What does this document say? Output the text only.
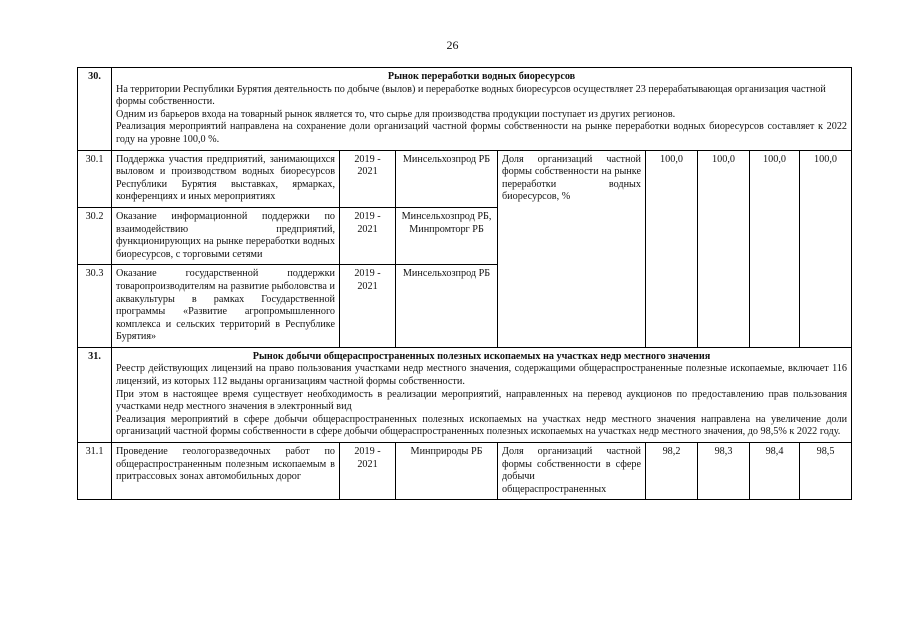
26
30.	Рынок переработки водных биоресурсов
На территории Республики Бурятия деятельность по добыче (вылов) и переработке водных биоресурсов осуществляет 23 перерабатывающая организация частной формы собственности.
Одним из барьеров входа на товарный рынок является то, что сырье для производства продукции поступает из других регионов.
Реализация мероприятий направлена на сохранение доли организаций частной формы собственности на рынке переработки водных биоресурсов составляет к 2022 году на уровне 100,0 %.							

30.1	Поддержка участия предприятий, занимающихся выловом и производством водных биоресурсов Республики Бурятия выставках, ярмарках, конференциях и иных мероприятиях	2019 - 2021	Минсельхозпрод РБ	Доля организаций частной формы собственности на рынке переработки водных биоресурсов, %	100,0	100,0	100,0	100,0
30.2	Оказание информационной поддержки по взаимодействию предприятий, функционирующих на рынке переработки водных биоресурсов, с торговыми сетями	2019 - 2021	Минсельхозпрод РБ, Минпромторг РБ					
30.3	Оказание государственной поддержки товаропроизводителям на развитие рыболовства и аквакультуры в рамках Государственной программы «Развитие агропромышленного комплекса и сельских территорий в Республике Бурятия»	2019 - 2021	Минсельхозпрод РБ					
31.	Рынок добычи общераспространенных полезных ископаемых на участках недр местного значения
Реестр действующих лицензий на право пользования участками недр местного значения, содержащими общераспространенные полезные ископаемые, включает 116 лицензий, из которых 112 выданы организациям частной формы собственности.
При этом в настоящее время существует необходимость в реализации мероприятий, направленных на перевод аукционов по предоставлению прав пользования участками недр местного значения в электронный вид
Реализация мероприятий в сфере добычи общераспространенных полезных ископаемых на участках недр местного значения направлена на увеличение доли организаций частной формы собственности в сфере добычи общераспространенных полезных ископаемых на участках недр местного значения, до 98,5% к 2022 году.							

31.1	Проведение геологоразведочных работ по общераспространенным полезным ископаемым в притрассовых зонах автомобильных дорог	2019 - 2021	Минприроды РБ	Доля организаций частной формы собственности в сфере добычи общераспространенных	98,2	98,3	98,4	98,5
